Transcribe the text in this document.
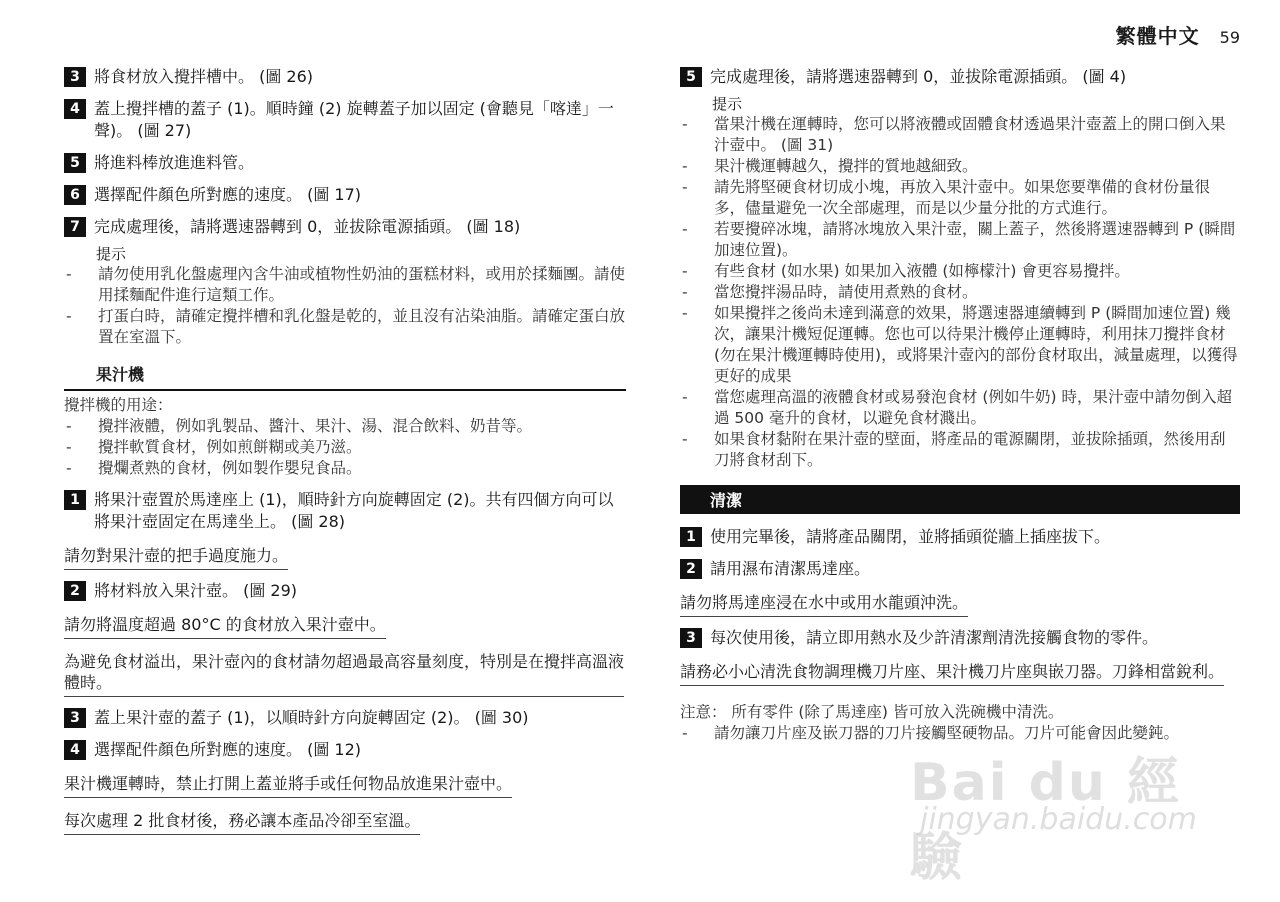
繁體中文 59
3 將食材放入攪拌槽中。 (圖 26)
4 蓋上攪拌槽的蓋子 (1)。順時鐘 (2) 旋轉蓋子加以固定 (會聽見「喀達」一聲)。 (圖 27)
5 將進料棒放進進料管。
6 選擇配件顏色所對應的速度。 (圖 17)
7 完成處理後，請將選速器轉到 0，並拔除電源插頭。 (圖 18)
提示
-	請勿使用乳化盤處理內含牛油或植物性奶油的蛋糕材料，或用於揉麵團。請使用揉麵配件進行這類工作。
-	打蛋白時，請確定攪拌槽和乳化盤是乾的，並且沒有沾染油脂。請確定蛋白放置在室溫下。
果汁機
攪拌機的用途：
-	攪拌液體，例如乳製品、醬汁、果汁、湯、混合飲料、奶昔等。
-	攪拌軟質食材，例如煎餅糊或美乃滋。
-	攪爛煮熟的食材，例如製作嬰兒食品。
1 將果汁壺置於馬達座上 (1)，順時針方向旋轉固定 (2)。共有四個方向可以將果汁壺固定在馬達坐上。 (圖 28)
請勿對果汁壺的把手過度施力。
2 將材料放入果汁壺。 (圖 29)
請勿將溫度超過 80°C 的食材放入果汁壺中。
為避免食材溢出，果汁壺內的食材請勿超過最高容量刻度，特別是在攪拌高溫液體時。
3 蓋上果汁壺的蓋子 (1)，以順時針方向旋轉固定 (2)。 (圖 30)
4 選擇配件顏色所對應的速度。 (圖 12)
果汁機運轉時，禁止打開上蓋並將手或任何物品放進果汁壺中。
每次處理 2 批食材後，務必讓本產品冷卻至室溫。
5 完成處理後，請將選速器轉到 0，並拔除電源插頭。 (圖 4)
提示
-	當果汁機在運轉時，您可以將液體或固體食材透過果汁壺蓋上的開口倒入果汁壺中。 (圖 31)
-	果汁機運轉越久，攪拌的質地越細致。
-	請先將堅硬食材切成小塊，再放入果汁壺中。如果您要準備的食材份量很多，儘量避免一次全部處理，而是以少量分批的方式進行。
-	若要攪碎冰塊，請將冰塊放入果汁壺，關上蓋子，然後將選速器轉到 P (瞬間加速位置)。
-	有些食材 (如水果) 如果加入液體 (如檸檬汁) 會更容易攪拌。
-	當您攪拌湯品時，請使用煮熟的食材。
-	如果攪拌之後尚未達到滿意的效果，將選速器連續轉到 P (瞬間加速位置) 幾次，讓果汁機短促運轉。您也可以待果汁機停止運轉時，利用抹刀攪拌食材 (勿在果汁機運轉時使用)，或將果汁壺內的部份食材取出，減量處理，以獲得更好的成果
-	當您處理高溫的液體食材或易發泡食材 (例如牛奶) 時，果汁壺中請勿倒入超過 500 毫升的食材，以避免食材濺出。
-	如果食材黏附在果汁壺的壁面，將產品的電源關閉，並拔除插頭，然後用刮刀將食材刮下。
清潔
1 使用完畢後，請將產品關閉，並將插頭從牆上插座拔下。
2 請用濕布清潔馬達座。
請勿將馬達座浸在水中或用水龍頭沖洗。
3 每次使用後，請立即用熱水及少許清潔劑清洗接觸食物的零件。
請務必小心清洗食物調理機刀片座、果汁機刀片座與嵌刀器。刀鋒相當銳利。
注意： 所有零件 (除了馬達座) 皆可放入洗碗機中清洗。
-	請勿讓刀片座及嵌刀器的刀片接觸堅硬物品。刀片可能會因此變鈍。
Bai du 經驗
jingyan.baidu.com
